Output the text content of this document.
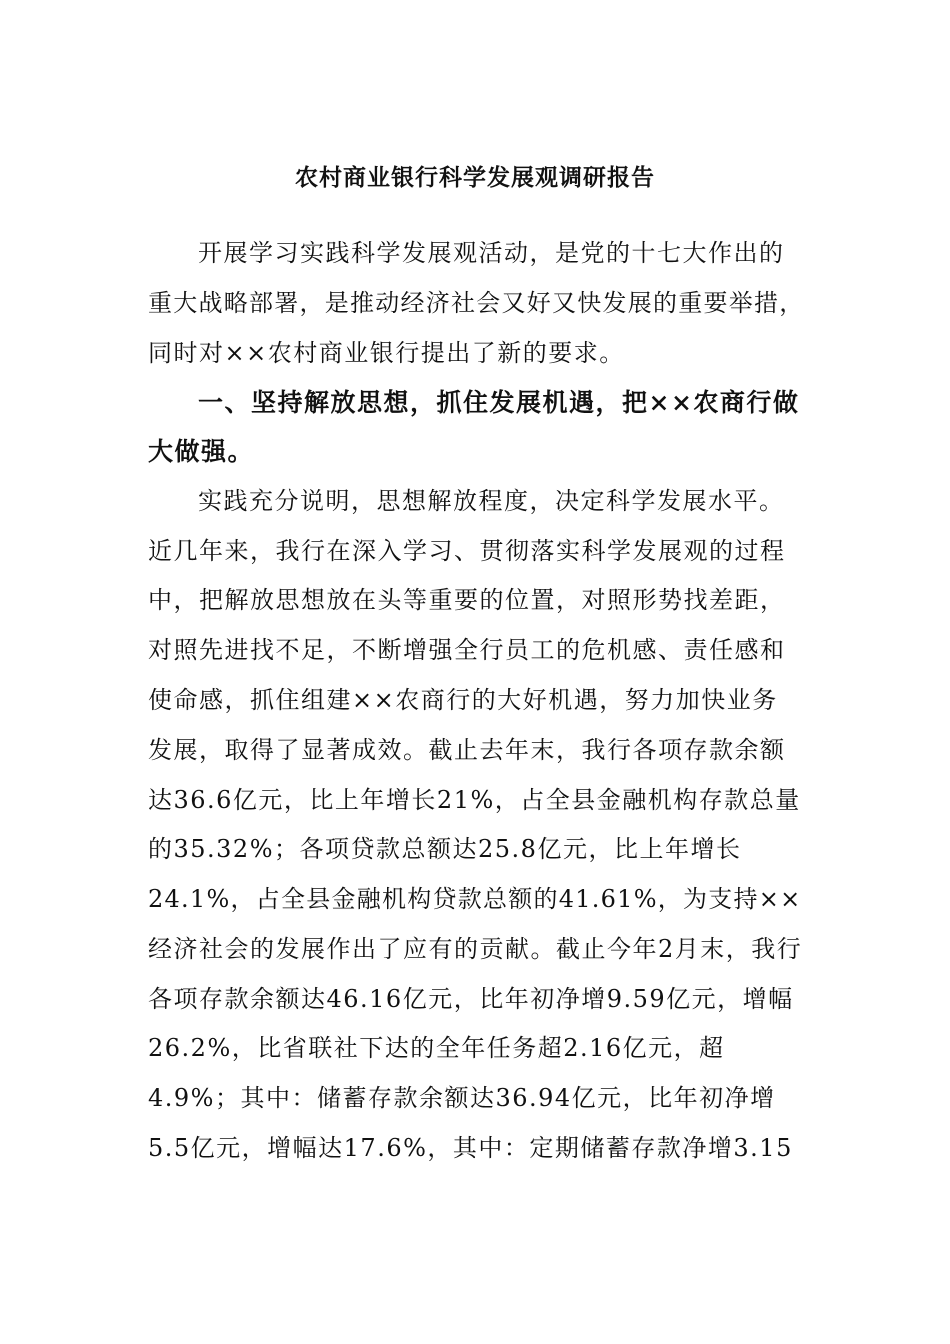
农村商业银行科学发展观调研报告
开展学习实践科学发展观活动，是党的十七大作出的
重大战略部署，是推动经济社会又好又快发展的重要举措，
同时对××农村商业银行提出了新的要求。
一、坚持解放思想，抓住发展机遇，把××农商行做
大做强。
实践充分说明，思想解放程度，决定科学发展水平。
近几年来，我行在深入学习、贯彻落实科学发展观的过程
中，把解放思想放在头等重要的位置，对照形势找差距，
对照先进找不足，不断增强全行员工的危机感、责任感和
使命感，抓住组建××农商行的大好机遇，努力加快业务
发展，取得了显著成效。截止去年末，我行各项存款余额
达36.6亿元，比上年增长21%，占全县金融机构存款总量
的35.32%；各项贷款总额达25.8亿元，比上年增长
24.1%，占全县金融机构贷款总额的41.61%，为支持××
经济社会的发展作出了应有的贡献。截止今年2月末，我行
各项存款余额达46.16亿元，比年初净增9.59亿元，增幅
26.2%，比省联社下达的全年任务超2.16亿元，超
4.9%；其中：储蓄存款余额达36.94亿元，比年初净增
5.5亿元，增幅达17.6%，其中：定期储蓄存款净增3.15
